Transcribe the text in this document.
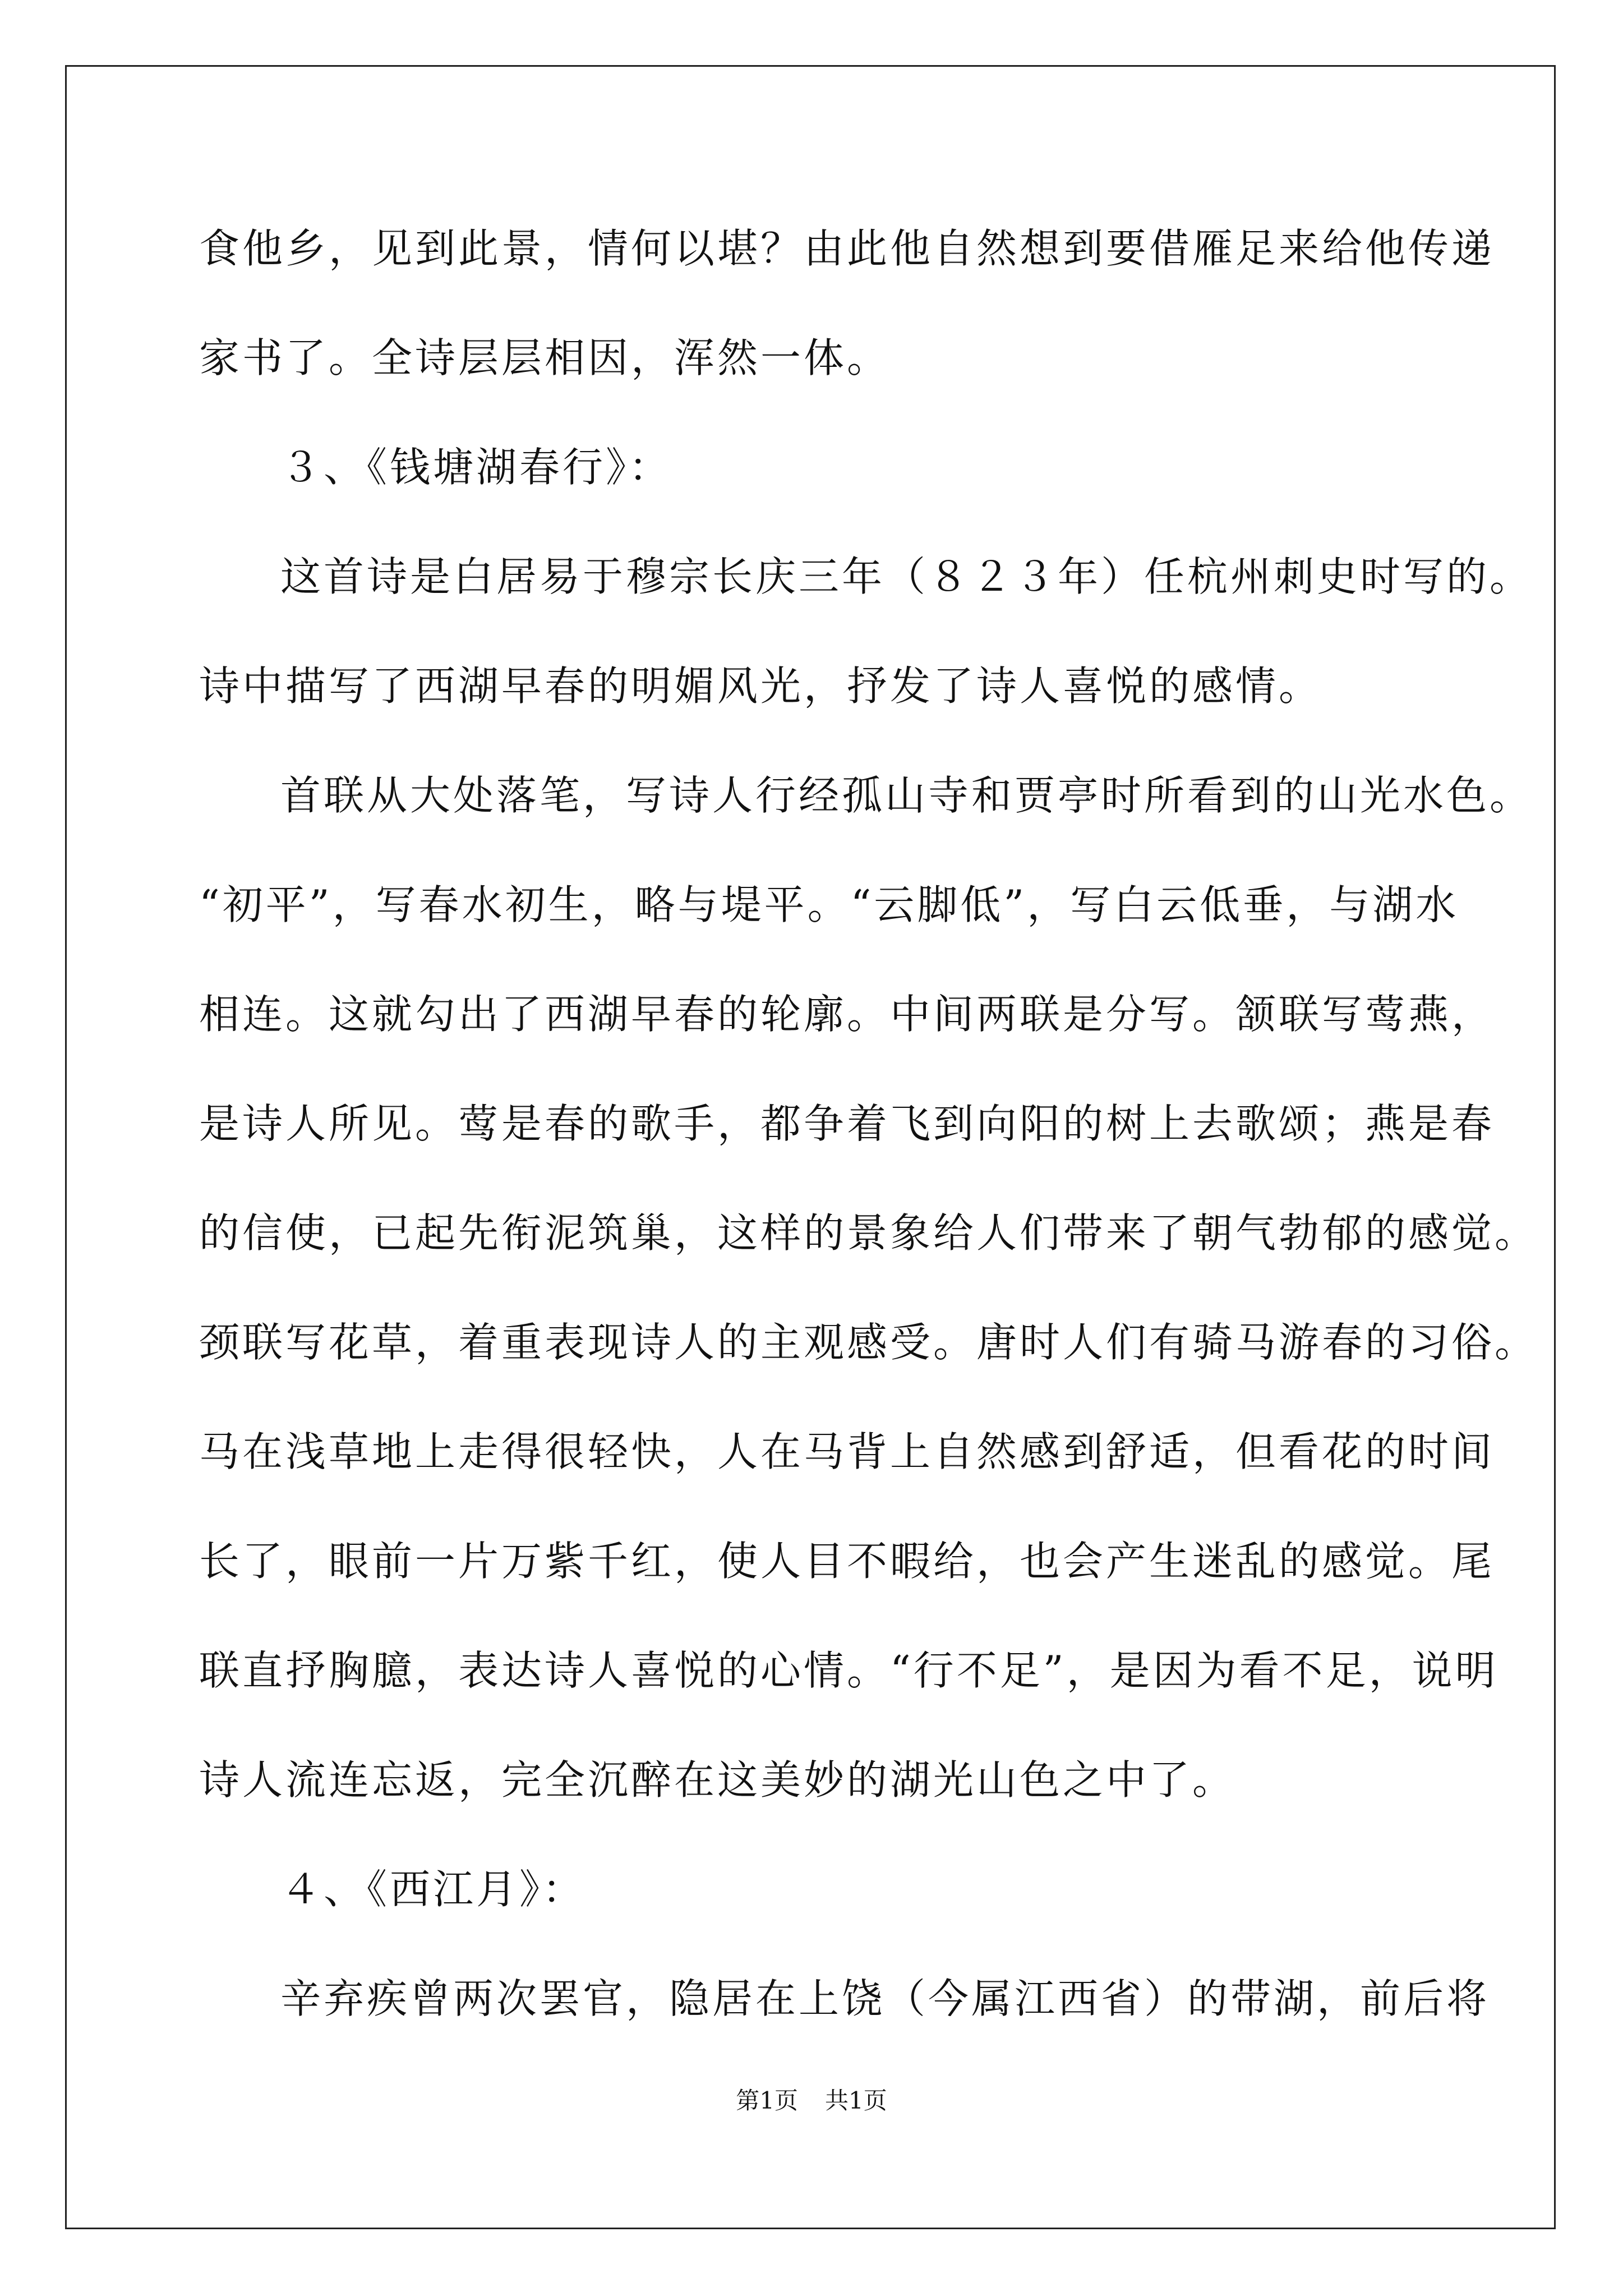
食他乡，见到此景，情何以堪？由此他自然想到要借雁足来给他传递
家书了。全诗层层相因，浑然一体。
３、《钱塘湖春行》：
这首诗是白居易于穆宗长庆三年（８２３年）任杭州刺史时写的。
诗中描写了西湖早春的明媚风光，抒发了诗人喜悦的感情。
首联从大处落笔，写诗人行经孤山寺和贾亭时所看到的山光水色。
“初平”，写春水初生，略与堤平。“云脚低”，写白云低垂，与湖水
相连。这就勾出了西湖早春的轮廓。中间两联是分写。颔联写莺燕，
是诗人所见。莺是春的歌手，都争着飞到向阳的树上去歌颂；燕是春
的信使，已起先衔泥筑巢，这样的景象给人们带来了朝气勃郁的感觉。
颈联写花草，着重表现诗人的主观感受。唐时人们有骑马游春的习俗。
马在浅草地上走得很轻快，人在马背上自然感到舒适，但看花的时间
长了，眼前一片万紫千红，使人目不暇给，也会产生迷乱的感觉。尾
联直抒胸臆，表达诗人喜悦的心情。“行不足”，是因为看不足，说明
诗人流连忘返，完全沉醉在这美妙的湖光山色之中了。
４、《西江月》：
辛弃疾曾两次罢官，隐居在上饶（今属江西省）的带湖，前后将
第1页 共1页
